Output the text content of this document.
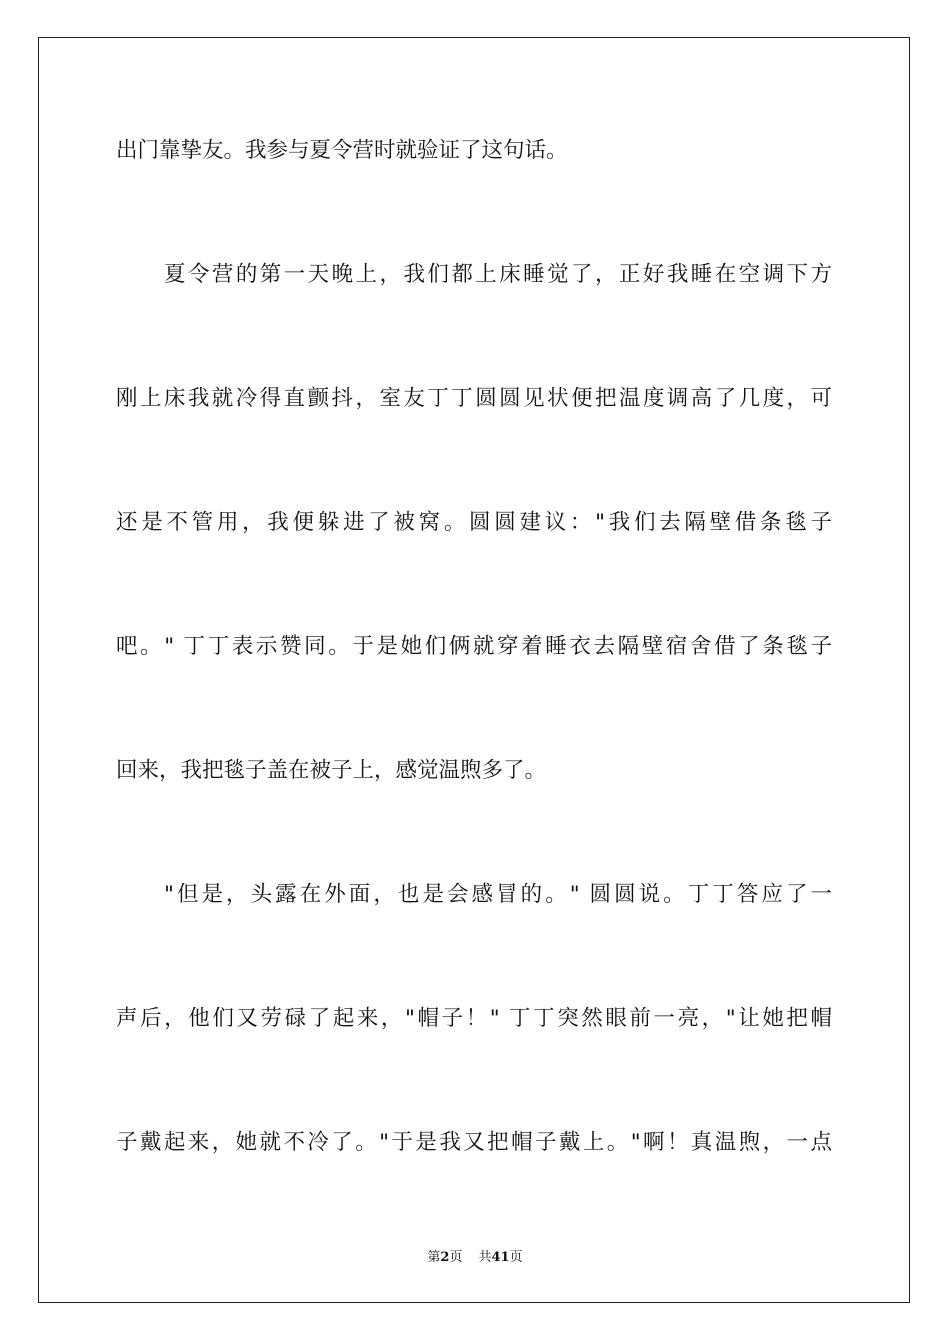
出门靠挚友。我参与夏令营时就验证了这句话。
夏令营的第一天晚上，我们都上床睡觉了，正好我睡在空调下方
刚上床我就冷得直颤抖，室友丁丁圆圆见状便把温度调高了几度，可
还是不管用，我便躲进了被窝。圆圆建议："我们去隔壁借条毯子
吧。" 丁丁表示赞同。于是她们俩就穿着睡衣去隔壁宿舍借了条毯子
回来，我把毯子盖在被子上，感觉温煦多了。
"但是，头露在外面，也是会感冒的。" 圆圆说。丁丁答应了一
声后，他们又劳碌了起来，"帽子！" 丁丁突然眼前一亮，"让她把帽
子戴起来，她就不冷了。"于是我又把帽子戴上。"啊！真温煦，一点
第2页 共41页
